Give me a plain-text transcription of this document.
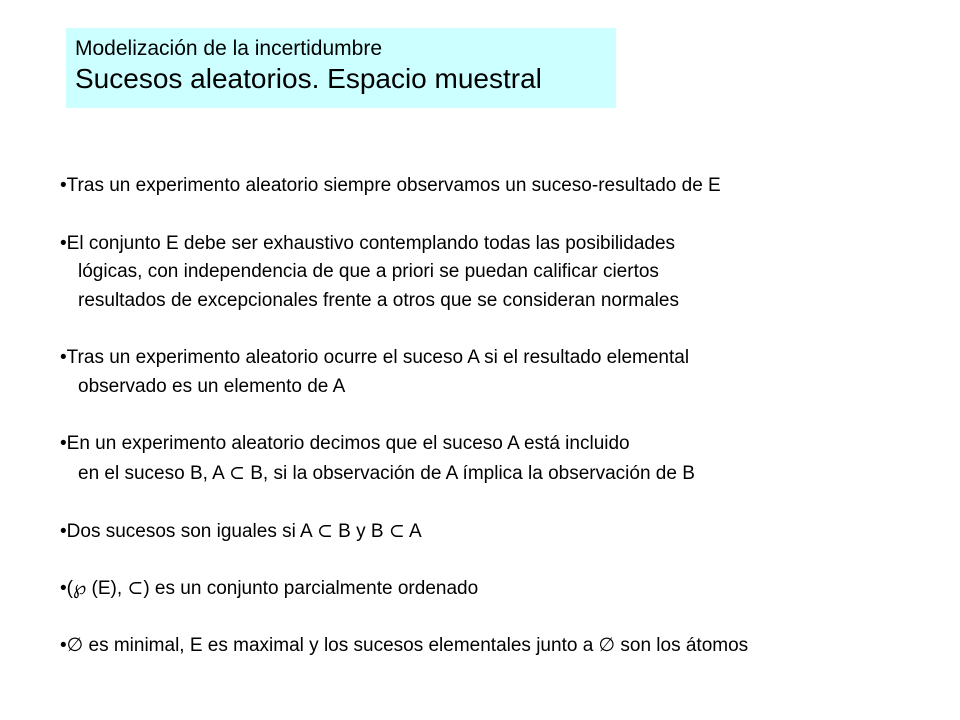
Modelización de la incertidumbre
Sucesos aleatorios. Espacio muestral
•Tras un experimento aleatorio siempre observamos un suceso-resultado de E
•El conjunto E debe ser exhaustivo contemplando todas las posibilidades
lógicas, con independencia de que a priori se puedan calificar ciertos
resultados de excepcionales frente a otros que se consideran normales
•Tras un experimento aleatorio ocurre el suceso A si el resultado elemental
observado es un elemento de A
•En un experimento aleatorio decimos que el suceso A está incluido
en el suceso B, A ⊂ B, si la observación de A ímplica la observación de B
•Dos sucesos son iguales si A ⊂ B y B ⊂ A
•(℘ (E), ⊂) es un conjunto parcialmente ordenado
•∅ es minimal, E es maximal y los sucesos elementales junto a ∅ son los átomos
